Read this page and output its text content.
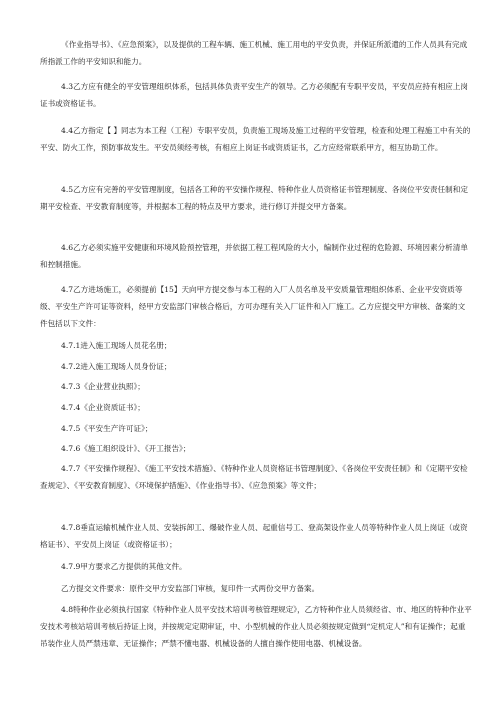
《作业指导书》、《应急预案》，以及提供的工程车辆、施工机械、施工用电的平安负责，并保证所派遣的工作人员具有完成所指派工作的平安知识和能力。

4.3乙方应有健全的平安管理组织体系，包括具体负责平安生产的领导。乙方必须配有专职平安员，平安员应持有相应上岗证书或资格证书。

4.4乙方指定【 】同志为本工程（工程）专职平安员，负责施工现场及施工过程的平安管理，检查和处理工程施工中有关的平安、防火工作，预防事故发生。平安员须经考核，有相应上岗证书或资质证书，乙方应经常联系甲方，相互协助工作。

4.5乙方应有完善的平安管理制度，包括各工种的平安操作规程、特种作业人员资格证书管理制度、各岗位平安责任制和定期平安检查、平安教育制度等，并根据本工程的特点及甲方要求，进行修订并提交甲方备案。

4.6乙方必须实施平安健康和环境风险预控管理，并依据工程工程风险的大小，编制作业过程的危险源、环境因素分析清单和控制措施。

4.7乙方进场施工，必须提前【15】天向甲方提交参与本工程的入厂人员名单及平安质量管理组织体系、企业平安资质等级、平安生产许可证等资料，经甲方安监部门审核合格后，方可办理有关入厂证件和入厂施工。乙方应提交甲方审核、备案的文件包括以下文件：

4.7.1进入施工现场人员花名册；

4.7.2进入施工现场人员身份证；

4.7.3《企业营业执照》；

4.7.4《企业资质证书》；

4.7.5《平安生产许可证》；

4.7.6《施工组织设计》、《开工报告》；

4.7.7《平安操作规程》、《施工平安技术措施》、《特种作业人员资格证书管理制度》、《各岗位平安责任制》和《定期平安检查规定》、《平安教育制度》、《环境保护措施》、《作业指导书》、《应急预案》等文件；

4.7.8垂直运输机械作业人员、安装拆卸工、爆破作业人员、起重信号工、登高架设作业人员等特种作业人员上岗证（或资格证书）、平安员上岗证（或资格证书）；

4.7.9甲方要求乙方提供的其他文件。

乙方提交文件要求：原件交甲方安监部门审核，复印件一式两份交甲方备案。

4.8特种作业必须执行国家《特种作业人员平安技术培训考核管理规定》，乙方特种作业人员须经省、市、地区的特种作业平安技术考核站培训考核后持证上岗，并按规定定期审证，中、小型机械的作业人员必须按规定做到“定机定人”和有证操作；起重吊装作业人员严禁违章、无证操作；严禁不懂电器、机械设备的人擅自操作使用电器、机械设备。
